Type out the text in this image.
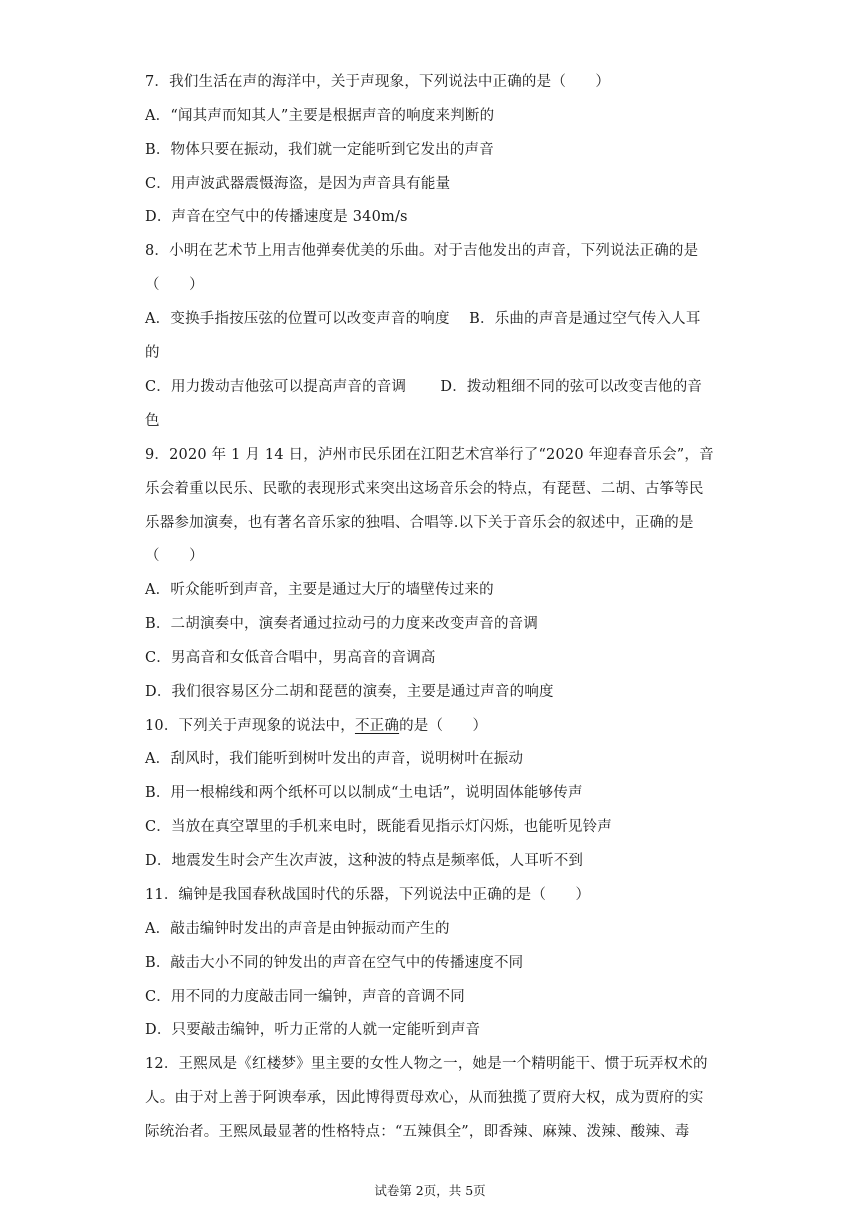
7．我们生活在声的海洋中，关于声现象，下列说法中正确的是（　　）
A．“闻其声而知其人”主要是根据声音的响度来判断的
B．物体只要在振动，我们就一定能听到它发出的声音
C．用声波武器震慑海盗，是因为声音具有能量
D．声音在空气中的传播速度是 340m/s
8．小明在艺术节上用吉他弹奏优美的乐曲。对于吉他发出的声音，下列说法正确的是
（　　）
A．变换手指按压弦的位置可以改变声音的响度　 B．乐曲的声音是通过空气传入人耳
的
C．用力拨动吉他弦可以提高声音的音调　　 D．拨动粗细不同的弦可以改变吉他的音
色
9．2020 年 1 月 14 日，泸州市民乐团在江阳艺术宫举行了“2020 年迎春音乐会”，音
乐会着重以民乐、民歌的表现形式来突出这场音乐会的特点，有琵琶、二胡、古筝等民
乐器参加演奏，也有著名音乐家的独唱、合唱等.以下关于音乐会的叙述中，正确的是
（　　）
A．听众能听到声音，主要是通过大厅的墙壁传过来的
B．二胡演奏中，演奏者通过拉动弓的力度来改变声音的音调
C．男高音和女低音合唱中，男高音的音调高
D．我们很容易区分二胡和琵琶的演奏，主要是通过声音的响度
10．下列关于声现象的说法中，不正确的是（　　）
A．刮风时，我们能听到树叶发出的声音，说明树叶在振动
B．用一根棉线和两个纸杯可以以制成“土电话”，说明固体能够传声
C．当放在真空罩里的手机来电时，既能看见指示灯闪烁，也能听见铃声
D．地震发生时会产生次声波，这种波的特点是频率低，人耳听不到
11．编钟是我国春秋战国时代的乐器，下列说法中正确的是（　　）
A．敲击编钟时发出的声音是由钟振动而产生的
B．敲击大小不同的钟发出的声音在空气中的传播速度不同
C．用不同的力度敲击同一编钟，声音的音调不同
D．只要敲击编钟，听力正常的人就一定能听到声音
12．王熙凤是《红楼梦》里主要的女性人物之一，她是一个精明能干、惯于玩弄权术的
人。由于对上善于阿谀奉承，因此博得贾母欢心，从而独揽了贾府大权，成为贾府的实
际统治者。王熙凤最显著的性格特点：“五辣俱全”，即香辣、麻辣、泼辣、酸辣、毒
试卷第 2页，共 5页
